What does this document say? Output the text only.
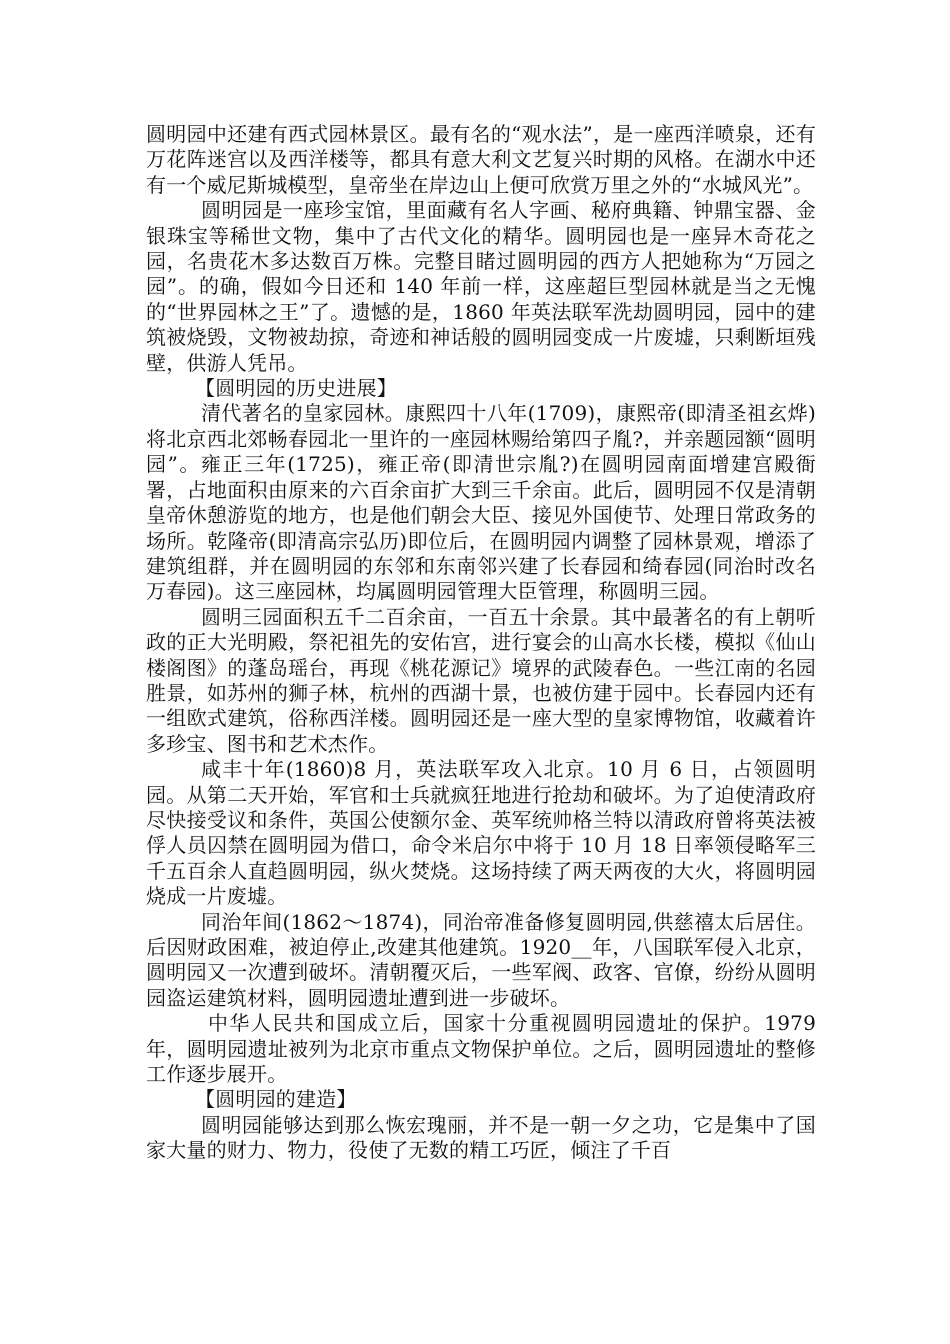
圆明园中还建有西式园林景区。最有名的“观水法”，是一座西洋喷泉，还有万花阵迷宫以及西洋楼等，都具有意大利文艺复兴时期的风格。在湖水中还有一个威尼斯城模型，皇帝坐在岸边山上便可欣赏万里之外的“水城风光”。

圆明园是一座珍宝馆，里面藏有名人字画、秘府典籍、钟鼎宝器、金银珠宝等稀世文物，集中了古代文化的精华。圆明园也是一座异木奇花之园，名贵花木多达数百万株。完整目睹过圆明园的西方人把她称为“万园之园”。的确，假如今日还和 140 年前一样，这座超巨型园林就是当之无愧的“世界园林之王”了。遗憾的是，1860 年英法联军洗劫圆明园，园中的建筑被烧毁，文物被劫掠，奇迹和神话般的圆明园变成一片废墟，只剩断垣残壁，供游人凭吊。

【圆明园的历史进展】

清代著名的皇家园林。康熙四十八年(1709)，康熙帝(即清圣祖玄烨)将北京西北郊畅春园北一里许的一座园林赐给第四子胤?，并亲题园额“圆明园”。雍正三年(1725)，雍正帝(即清世宗胤?)在圆明园南面增建宫殿衙署，占地面积由原来的六百余亩扩大到三千余亩。此后，圆明园不仅是清朝皇帝休憩游览的地方，也是他们朝会大臣、接见外国使节、处理日常政务的场所。乾隆帝(即清高宗弘历)即位后，在圆明园内调整了园林景观，增添了建筑组群，并在圆明园的东邻和东南邻兴建了长春园和绮春园(同治时改名万春园)。这三座园林，均属圆明园管理大臣管理，称圆明三园。

圆明三园面积五千二百余亩，一百五十余景。其中最著名的有上朝听政的正大光明殿，祭祀祖先的安佑宫，进行宴会的山高水长楼，模拟《仙山楼阁图》的蓬岛瑶台，再现《桃花源记》境界的武陵春色。一些江南的名园胜景，如苏州的狮子林，杭州的西湖十景，也被仿建于园中。长春园内还有一组欧式建筑，俗称西洋楼。圆明园还是一座大型的皇家博物馆，收藏着许多珍宝、图书和艺术杰作。

咸丰十年(1860)8 月，英法联军攻入北京。10 月 6 日，占领圆明园。从第二天开始，军官和士兵就疯狂地进行抢劫和破坏。为了迫使清政府尽快接受议和条件，英国公使额尔金、英军统帅格兰特以清政府曾将英法被俘人员囚禁在圆明园为借口，命令米启尔中将于 10 月 18 日率领侵略军三千五百余人直趋圆明园，纵火焚烧。这场持续了两天两夜的大火，将圆明园烧成一片废墟。

同治年间(1862～1874)，同治帝准备修复圆明园,供慈禧太后居住。后因财政困难，被迫停止,改建其他建筑。1920__年，八国联军侵入北京，圆明园又一次遭到破坏。清朝覆灭后，一些军阀、政客、官僚，纷纷从圆明园盗运建筑材料，圆明园遗址遭到进一步破坏。

中华人民共和国成立后，国家十分重视圆明园遗址的保护。1979 年，圆明园遗址被列为北京市重点文物保护单位。之后，圆明园遗址的整修工作逐步展开。

【圆明园的建造】

圆明园能够达到那么恢宏瑰丽，并不是一朝一夕之功，它是集中了国家大量的财力、物力，役使了无数的精工巧匠，倾注了千百
